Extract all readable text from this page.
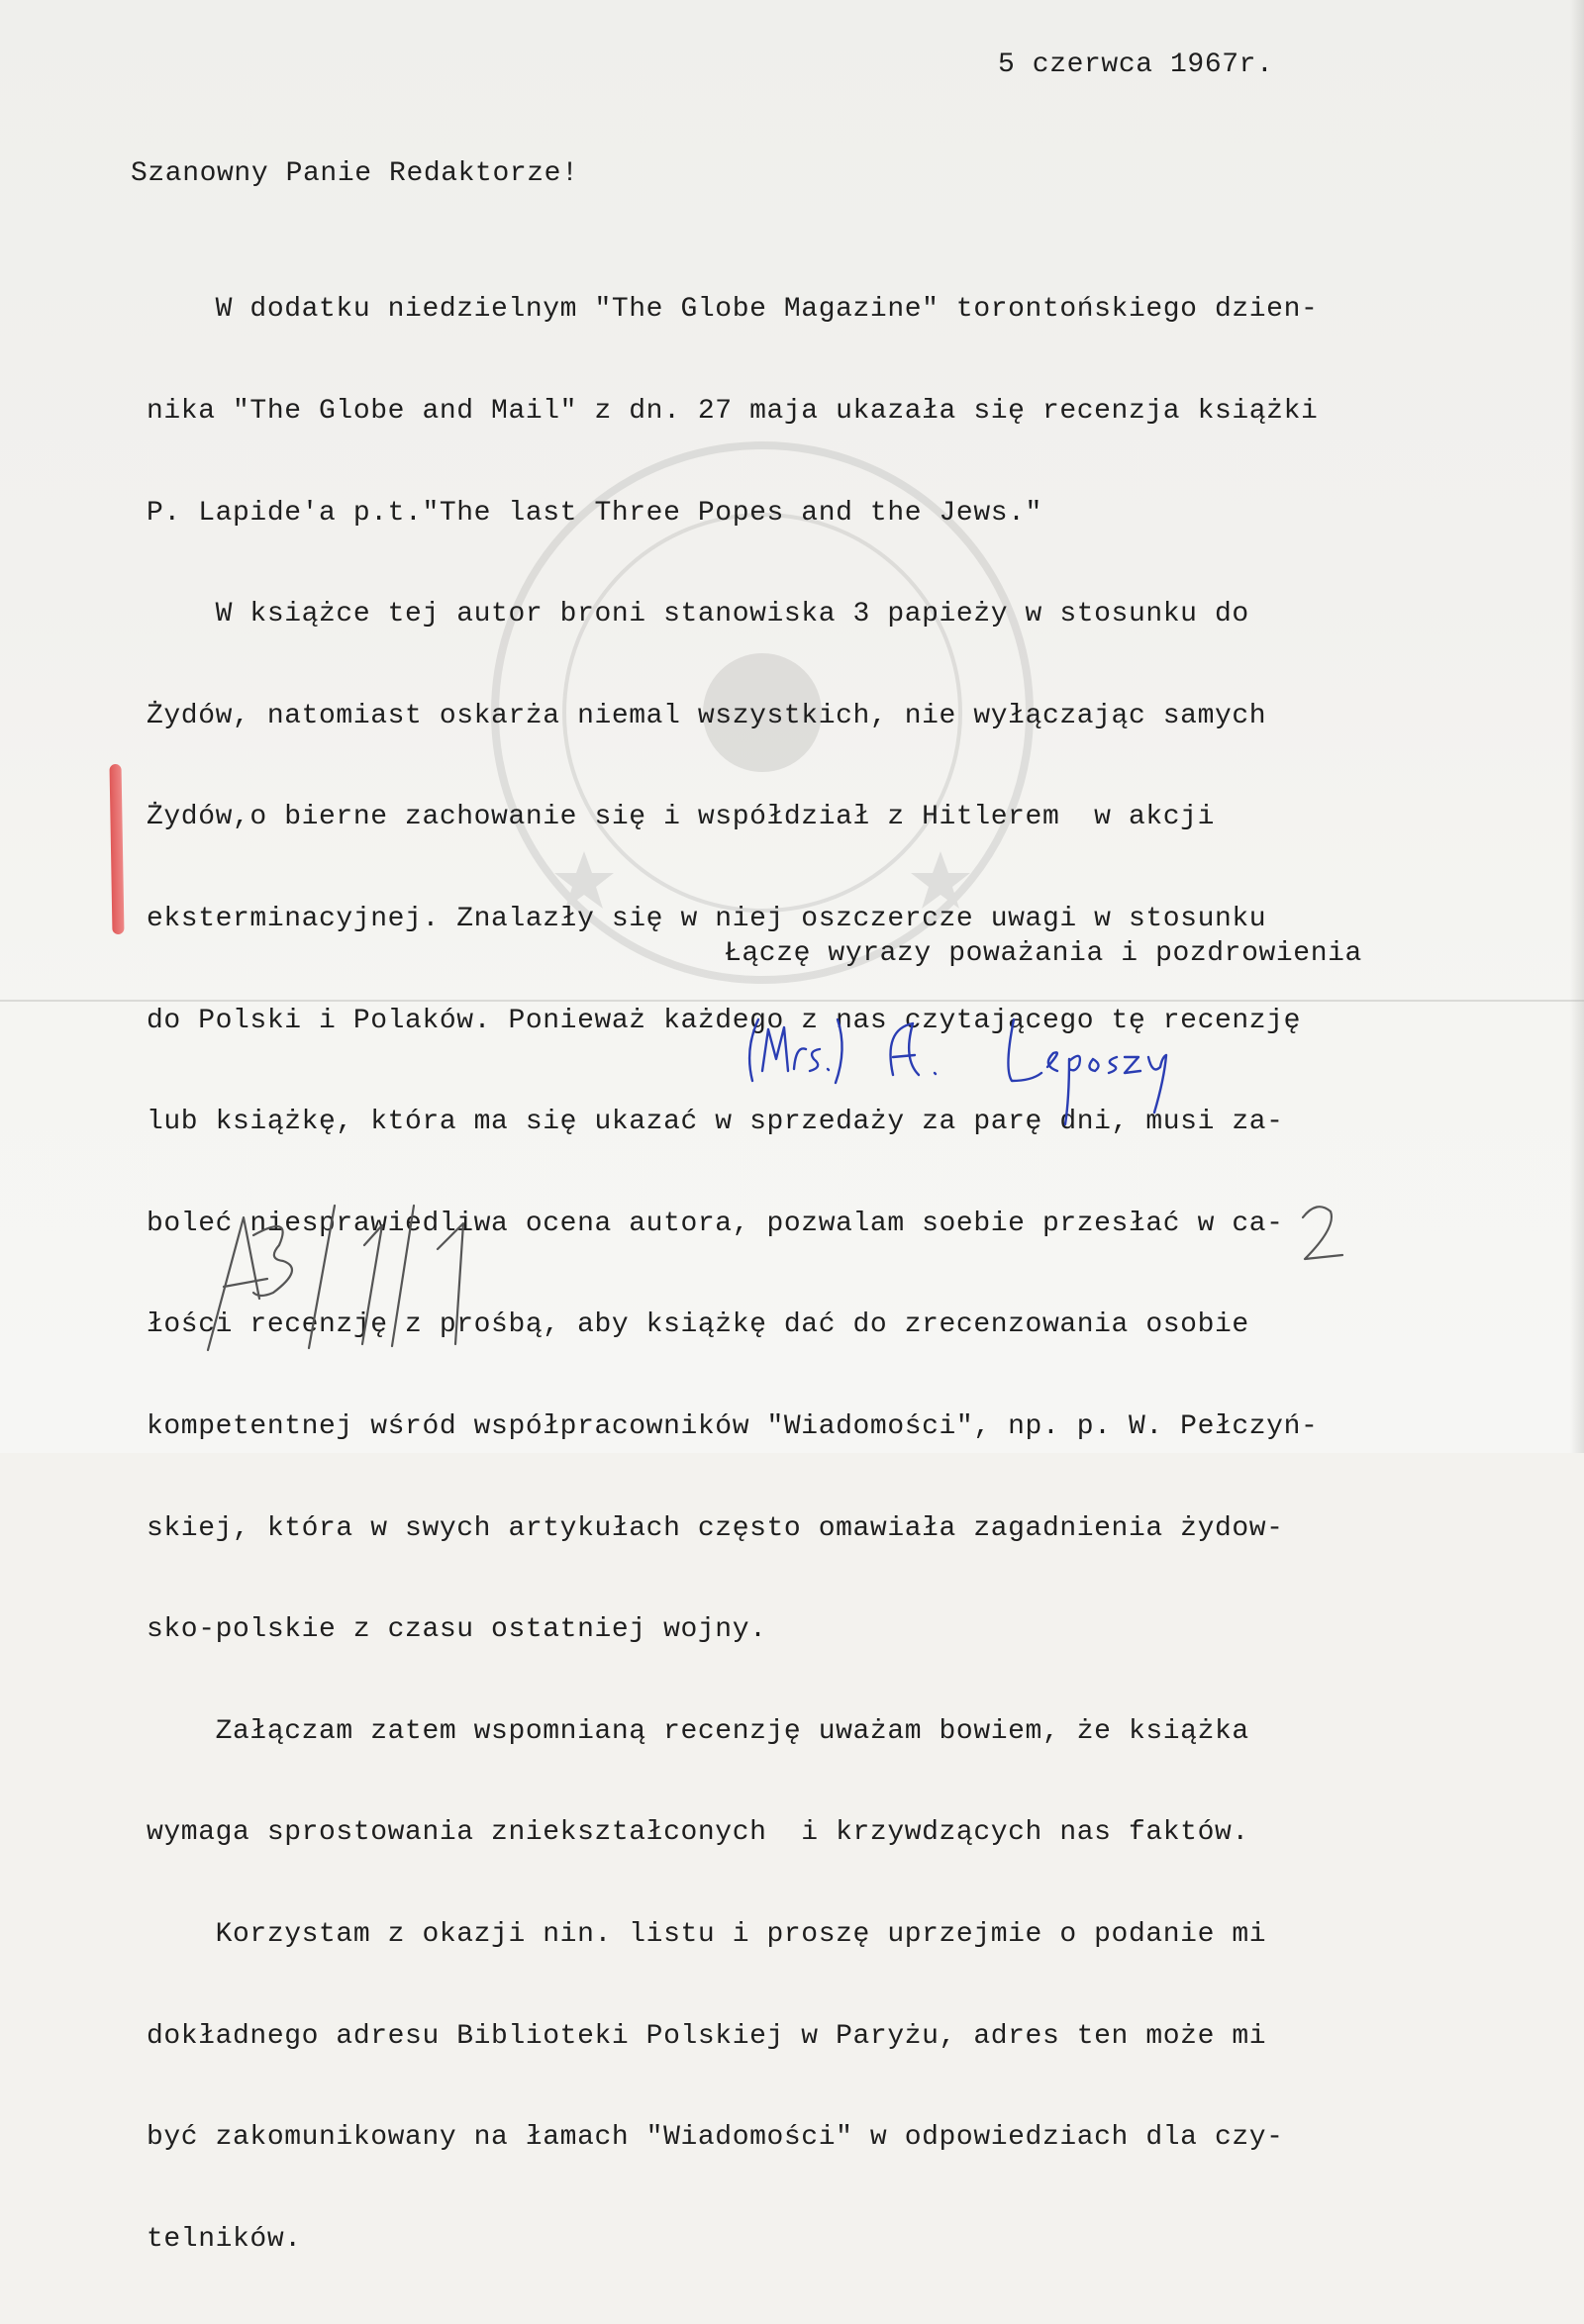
5 czerwca 1967r.

Szanowny Panie Redaktorze!

W dodatku niedzielnym "The Globe Magazine" torontońskiego dzien-

nika "The Globe and Mail" z dn. 27 maja ukazała się recenzja książki

P. Lapide'a p.t."The last Three Popes and the Jews."

W książce tej autor broni stanowiska 3 papieży w stosunku do

Żydów, natomiast oskarża niemal wszystkich, nie wyłączając samych

Żydów,o bierne zachowanie się i współdział z Hitlerem  w akcji

eksterminacyjnej. Znalazły się w niej oszczercze uwagi w stosunku

do Polski i Polaków. Ponieważ każdego z nas czytającego tę recenzję

lub książkę, która ma się ukazać w sprzedaży za parę dni, musi za-

boleć niesprawiedliwa ocena autora, pozwalam soebie przesłać w ca-

łości recenzję z prośbą, aby książkę dać do zrecenzowania osobie

kompetentnej wśród współpracowników "Wiadomości", np. p. W. Pełczyń-

skiej, która w swych artykułach często omawiała zagadnienia żydow-

sko-polskie z czasu ostatniej wojny.

Załączam zatem wspomnianą recenzję uważam bowiem, że książka

wymaga sprostowania zniekształconych  i krzywdzących nas faktów.

Korzystam z okazji nin. listu i proszę uprzejmie o podanie mi

dokładnego adresu Biblioteki Polskiej w Paryżu, adres ten może mi

być zakomunikowany na łamach "Wiadomości" w odpowiedziach dla czy-

telników.

Łączę wyrazy poważania i pozdrowienia
